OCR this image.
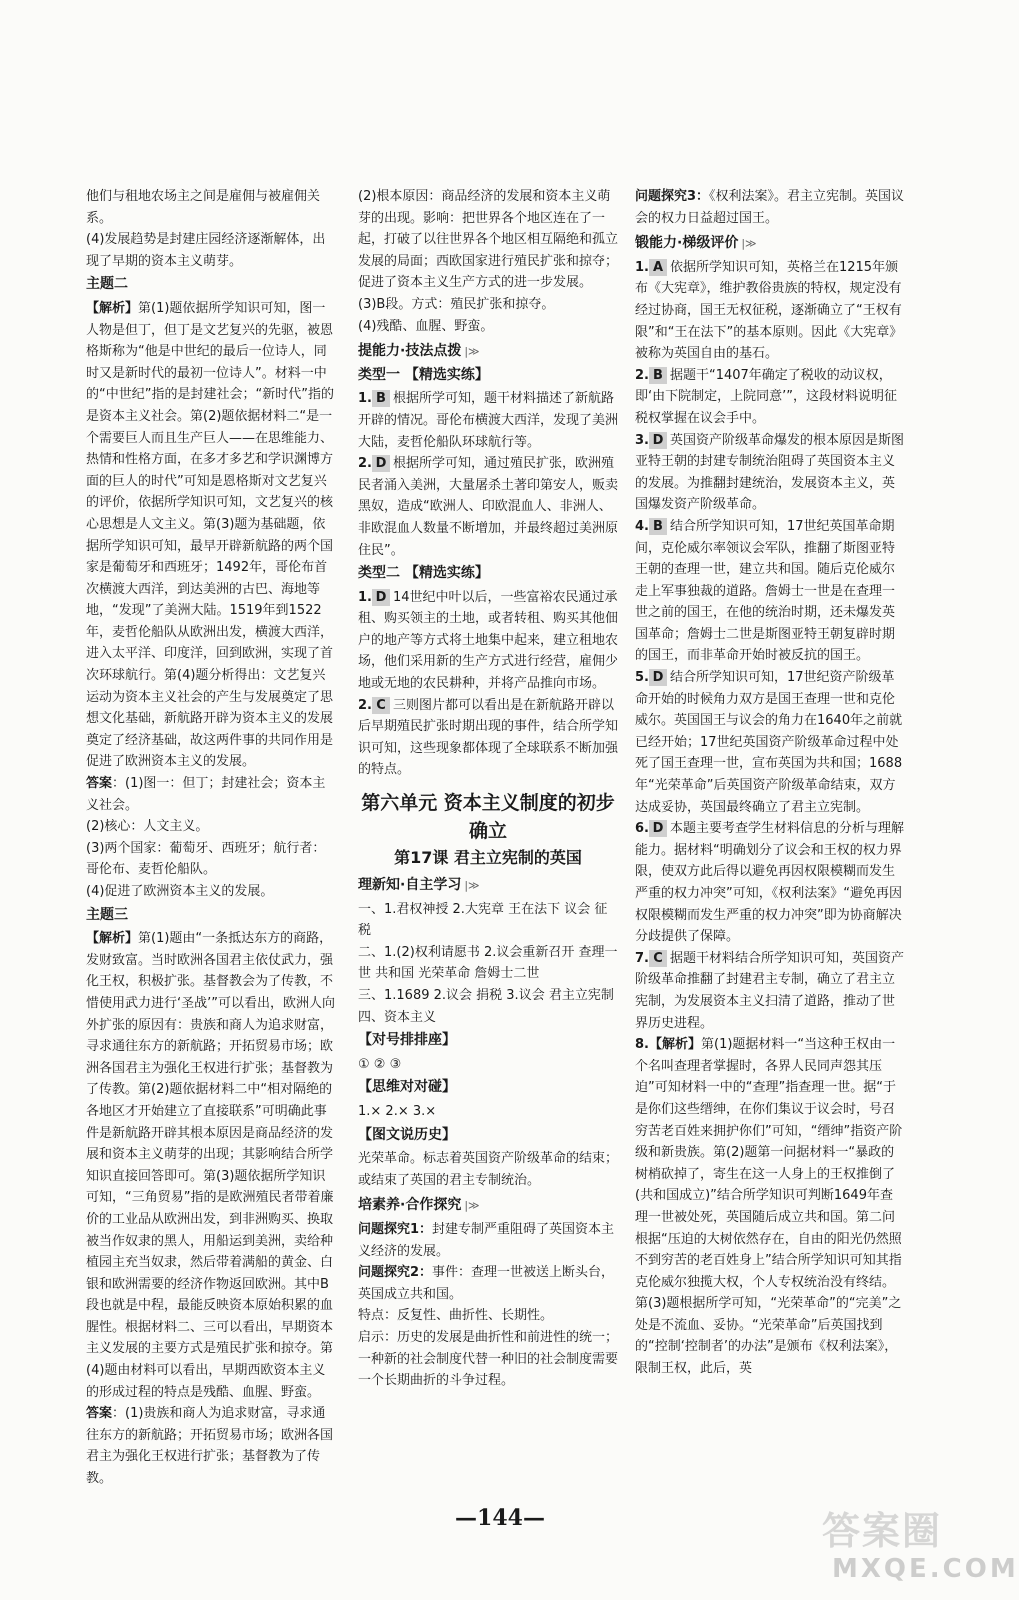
他们与租地农场主之间是雇佣与被雇佣关系。

(4)发展趋势是封建庄园经济逐渐解体，出现了早期的资本主义萌芽。

主题二

【解析】第(1)题依据所学知识可知，图一人物是但丁，但丁是文艺复兴的先驱，被恩格斯称为“他是中世纪的最后一位诗人，同时又是新时代的最初一位诗人”。材料一中的“中世纪”指的是封建社会；“新时代”指的是资本主义社会。第(2)题依据材料二“是一个需要巨人而且生产巨人——在思维能力、热情和性格方面，在多才多艺和学识渊博方面的巨人的时代”可知是恩格斯对文艺复兴的评价，依据所学知识可知，文艺复兴的核心思想是人文主义。第(3)题为基础题，依据所学知识可知，最早开辟新航路的两个国家是葡萄牙和西班牙；1492年，哥伦布首次横渡大西洋，到达美洲的古巴、海地等地，“发现”了美洲大陆。1519年到1522年，麦哲伦船队从欧洲出发，横渡大西洋，进入太平洋、印度洋，回到欧洲，实现了首次环球航行。第(4)题分析得出：文艺复兴运动为资本主义社会的产生与发展奠定了思想文化基础，新航路开辟为资本主义的发展奠定了经济基础，故这两件事的共同作用是促进了欧洲资本主义的发展。

答案：(1)图一：但丁；封建社会；资本主义社会。

(2)核心：人文主义。

(3)两个国家：葡萄牙、西班牙；航行者：哥伦布、麦哲伦船队。

(4)促进了欧洲资本主义的发展。

主题三

【解析】第(1)题由“一条抵达东方的商路，发财致富。当时欧洲各国君主依仗武力，强化王权，积极扩张。基督教会为了传教，不惜使用武力进行‘圣战’”可以看出，欧洲人向外扩张的原因有：贵族和商人为追求财富，寻求通往东方的新航路；开拓贸易市场；欧洲各国君主为强化王权进行扩张；基督教为了传教。第(2)题依据材料二中“相对隔绝的各地区才开始建立了直接联系”可明确此事件是新航路开辟其根本原因是商品经济的发展和资本主义萌芽的出现；其影响结合所学知识直接回答即可。第(3)题依据所学知识可知，“三角贸易”指的是欧洲殖民者带着廉价的工业品从欧洲出发，到非洲购买、换取被当作奴隶的黑人，用船运到美洲，卖给种植园主充当奴隶，然后带着满船的黄金、白银和欧洲需要的经济作物返回欧洲。其中B段也就是中程，最能反映资本原始积累的血腥性。根据材料二、三可以看出，早期资本主义发展的主要方式是殖民扩张和掠夺。第(4)题由材料可以看出，早期西欧资本主义的形成过程的特点是残酷、血腥、野蛮。

答案：(1)贵族和商人为追求财富，寻求通往东方的新航路；开拓贸易市场；欧洲各国君主为强化王权进行扩张；基督教为了传教。

(2)根本原因：商品经济的发展和资本主义萌芽的出现。影响：把世界各个地区连在了一起，打破了以往世界各个地区相互隔绝和孤立发展的局面；西欧国家进行殖民扩张和掠夺；促进了资本主义生产方式的进一步发展。

(3)B段。方式：殖民扩张和掠夺。

(4)残酷、血腥、野蛮。

提能力·技法点拨 |≫
类型一 【精选实练】

1. B 根据所学可知，题干材料描述了新航路开辟的情况。哥伦布横渡大西洋，发现了美洲大陆，麦哲伦船队环球航行等。

2. D 根据所学可知，通过殖民扩张，欧洲殖民者涌入美洲，大量屠杀土著印第安人，贩卖黑奴，造成“欧洲人、印欧混血人、非洲人、非欧混血人数量不断增加，并最终超过美洲原住民”。

类型二 【精选实练】

1. D 14世纪中叶以后，一些富裕农民通过承租、购买领主的土地，或者转租、购买其他佃户的地产等方式将土地集中起来，建立租地农场，他们采用新的生产方式进行经营，雇佣少地或无地的农民耕种，并将产品推向市场。

2. C 三则图片都可以看出是在新航路开辟以后早期殖民扩张时期出现的事件，结合所学知识可知，这些现象都体现了全球联系不断加强的特点。

第六单元 资本主义制度的初步确立
第17课 君主立宪制的英国
理新知·自主学习 |≫

一、1.君权神授 2.大宪章 王在法下 议会 征税

二、1.(2)权利请愿书 2.议会重新召开 查理一世 共和国 光荣革命 詹姆士二世

三、1.1689 2.议会 捐税 3.议会 君主立宪制

四、资本主义

【对号排排座】

① ② ③

【思维对对碰】

1.× 2.× 3.×

【图文说历史】

光荣革命。标志着英国资产阶级革命的结束；或结束了英国的君主专制统治。

培素养·合作探究 |≫

问题探究1：封建专制严重阻碍了英国资本主义经济的发展。

问题探究2：事件：查理一世被送上断头台，英国成立共和国。

特点：反复性、曲折性、长期性。

启示：历史的发展是曲折性和前进性的统一；一种新的社会制度代替一种旧的社会制度需要一个长期曲折的斗争过程。

问题探究3：《权利法案》。君主立宪制。英国议会的权力日益超过国王。

锻能力·梯级评价 |≫

1. A 依据所学知识可知，英格兰在1215年颁布《大宪章》，维护教俗贵族的特权，规定没有经过协商，国王无权征税，逐渐确立了“王权有限”和“王在法下”的基本原则。因此《大宪章》被称为英国自由的基石。

2. B 据题干“1407年确定了税收的动议权，即‘由下院制定，上院同意’”，这段材料说明征税权掌握在议会手中。

3. D 英国资产阶级革命爆发的根本原因是斯图亚特王朝的封建专制统治阻碍了英国资本主义的发展。为推翻封建统治，发展资本主义，英国爆发资产阶级革命。

4. B 结合所学知识可知，17世纪英国革命期间，克伦威尔率领议会军队，推翻了斯图亚特王朝的查理一世，建立共和国。随后克伦威尔走上军事独裁的道路。詹姆士一世是在查理一世之前的国王，在他的统治时期，还未爆发英国革命；詹姆士二世是斯图亚特王朝复辟时期的国王，而非革命开始时被反抗的国王。

5. D 结合所学知识可知，17世纪资产阶级革命开始的时候角力双方是国王查理一世和克伦威尔。英国国王与议会的角力在1640年之前就已经开始；17世纪英国资产阶级革命过程中处死了国王查理一世，宣布英国为共和国；1688年“光荣革命”后英国资产阶级革命结束，双方达成妥协，英国最终确立了君主立宪制。

6. D 本题主要考查学生材料信息的分析与理解能力。据材料“明确划分了议会和王权的权力界限，使双方此后得以避免再因权限模糊而发生严重的权力冲突”可知，《权利法案》“避免再因权限模糊而发生严重的权力冲突”即为协商解决分歧提供了保障。

7. C 据题干材料结合所学知识可知，英国资产阶级革命推翻了封建君主专制，确立了君主立宪制，为发展资本主义扫清了道路，推动了世界历史进程。

8.【解析】第(1)题据材料一“当这种王权由一个名叫查理者掌握时，各界人民同声怨其压迫”可知材料一中的“查理”指查理一世。据“于是你们这些缙绅，在你们集议于议会时，号召穷苦老百姓来拥护你们”可知，“缙绅”指资产阶级和新贵族。第(2)题第一问据材料一“暴政的树梢砍掉了，寄生在这一人身上的王权推倒了(共和国成立)”结合所学知识可判断1649年查理一世被处死，英国随后成立共和国。第二问根据“压迫的大树依然存在，自由的阳光仍然照不到穷苦的老百姓身上”结合所学知识可知其指克伦威尔独揽大权，个人专权统治没有终结。第(3)题根据所学可知，“光荣革命”的“完美”之处是不流血、妥协。“光荣革命”后英国找到的“控制‘控制者’的办法”是颁布《权利法案》，限制王权，此后，英

—144—	答案圈
MXQE.COM
